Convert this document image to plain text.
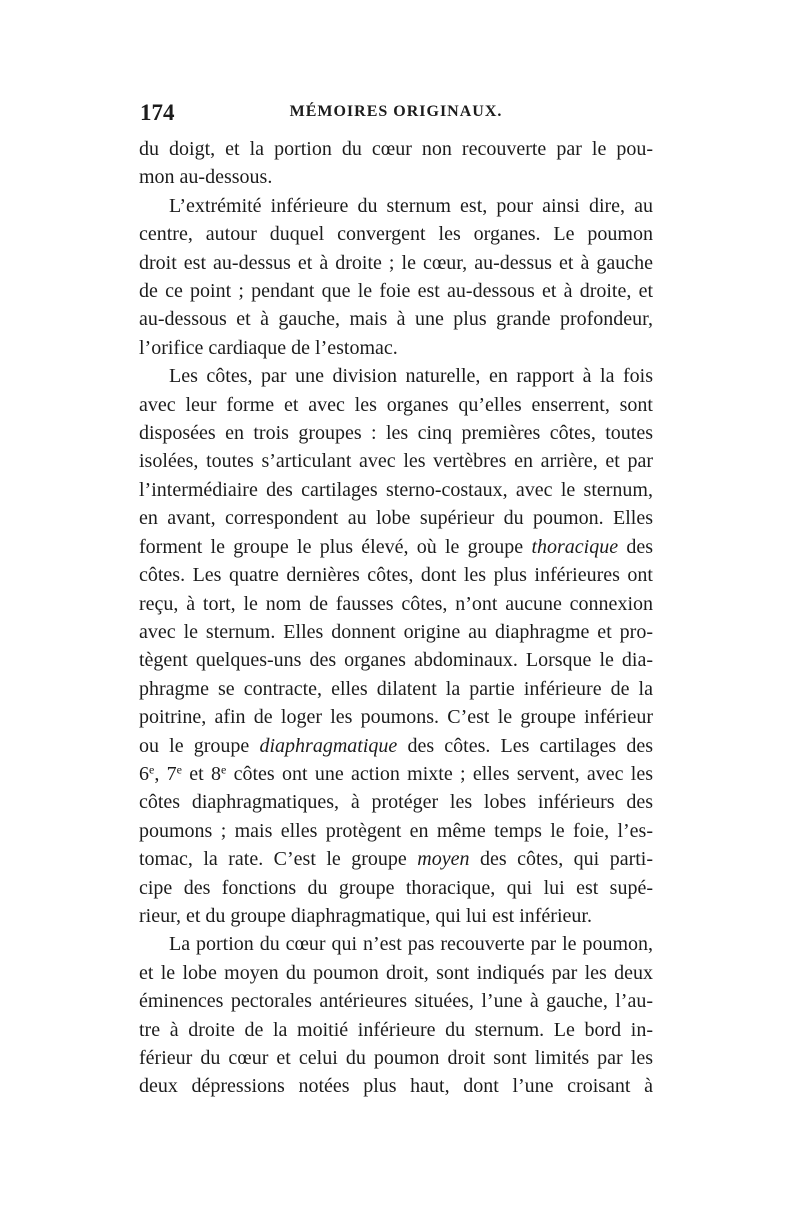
174	MÉMOIRES ORIGINAUX.
du doigt, et la portion du cœur non recouverte par le pou-
mon au-dessous.
L’extrémité inférieure du sternum est, pour ainsi dire, au
centre, autour duquel convergent les organes. Le poumon
droit est au-dessus et à droite ; le cœur, au-dessus et à gauche
de ce point ; pendant que le foie est au-dessous et à droite, et
au-dessous et à gauche, mais à une plus grande profondeur,
l’orifice cardiaque de l’estomac.
Les côtes, par une division naturelle, en rapport à la fois
avec leur forme et avec les organes qu’elles enserrent, sont
disposées en trois groupes : les cinq premières côtes, toutes
isolées, toutes s’articulant avec les vertèbres en arrière, et par
l’intermédiaire des cartilages sterno-costaux, avec le sternum,
en avant, correspondent au lobe supérieur du poumon. Elles
forment le groupe le plus élevé, où le groupe thoracique des
côtes. Les quatre dernières côtes, dont les plus inférieures ont
reçu, à tort, le nom de fausses côtes, n’ont aucune connexion
avec le sternum. Elles donnent origine au diaphragme et pro-
tègent quelques-uns des organes abdominaux. Lorsque le dia-
phragme se contracte, elles dilatent la partie inférieure de la
poitrine, afin de loger les poumons. C’est le groupe inférieur
ou le groupe diaphragmatique des côtes. Les cartilages des
6e, 7e et 8e côtes ont une action mixte ; elles servent, avec les
côtes diaphragmatiques, à protéger les lobes inférieurs des
poumons ; mais elles protègent en même temps le foie, l’es-
tomac, la rate. C’est le groupe moyen des côtes, qui parti-
cipe des fonctions du groupe thoracique, qui lui est supé-
rieur, et du groupe diaphragmatique, qui lui est inférieur.
La portion du cœur qui n’est pas recouverte par le poumon,
et le lobe moyen du poumon droit, sont indiqués par les deux
éminences pectorales antérieures situées, l’une à gauche, l’au-
tre à droite de la moitié inférieure du sternum. Le bord in-
férieur du cœur et celui du poumon droit sont limités par les
deux dépressions notées plus haut, dont l’une croisant à
